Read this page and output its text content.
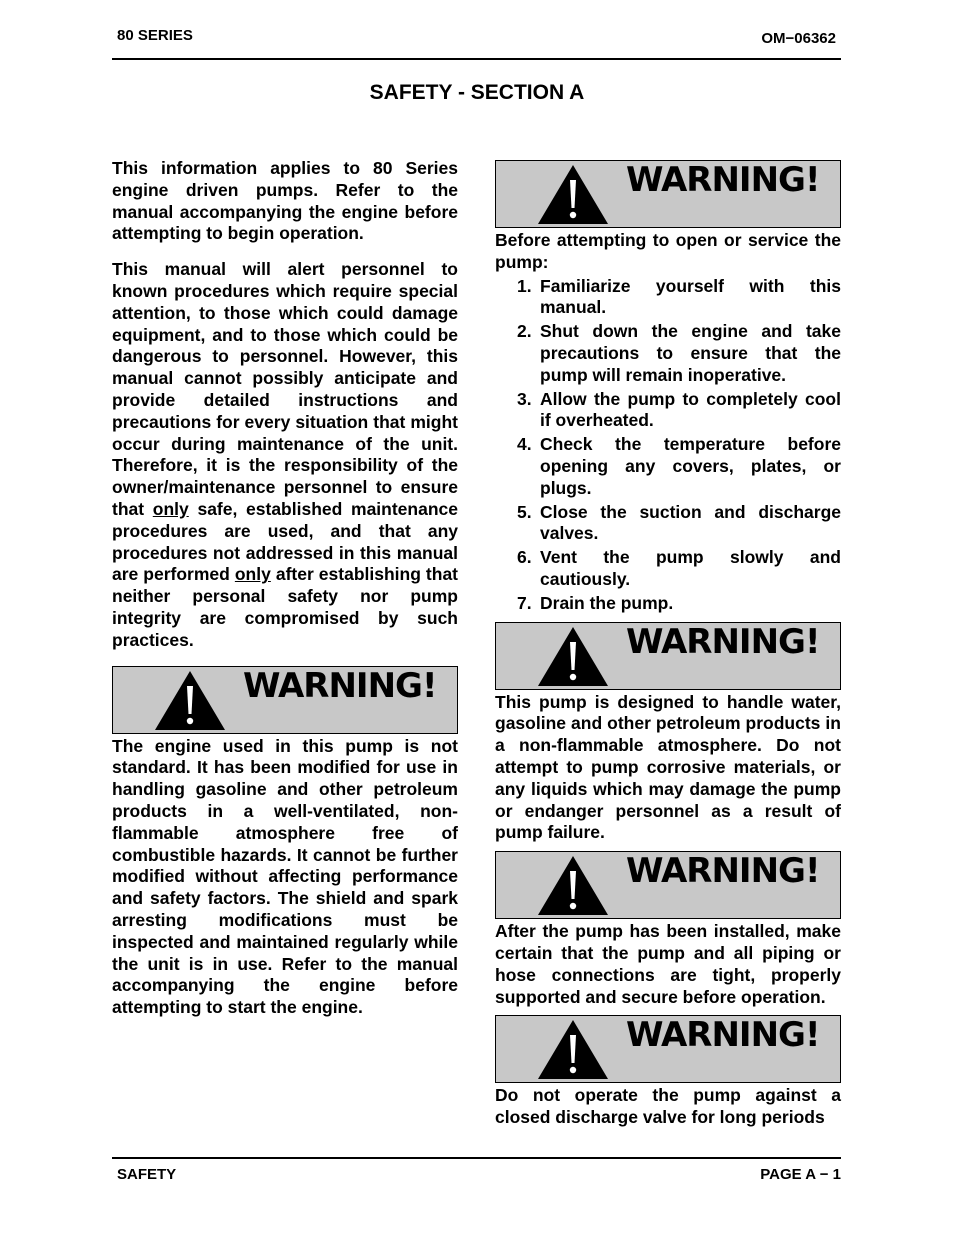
80 SERIES	OM−06362
SAFETY - SECTION A

This information applies to 80 Series engine driven pumps. Refer to the manual accompanying the engine before attempting to begin operation.

This manual will alert personnel to known procedures which require special attention, to those which could damage equipment, and to those which could be dangerous to personnel. However, this manual cannot possibly anticipate and provide detailed instructions and precautions for every situation that might occur during maintenance of the unit. Therefore, it is the responsibility of the owner/maintenance personnel to ensure that only safe, established maintenance procedures are used, and that any procedures not addressed in this manual are performed only after establishing that neither personal safety nor pump integrity are compromised by such practices.

WARNING!

The engine used in this pump is not standard. It has been modified for use in handling gasoline and other petroleum products in a well-ventilated, non-flammable atmosphere free of combustible hazards. It cannot be further modified without affecting performance and safety factors. The shield and spark arresting modifications must be inspected and maintained regularly while the unit is in use. Refer to the manual accompanying the engine before attempting to start the engine.

WARNING!

Before attempting to open or service the pump:

1. Familiarize yourself with this manual.
2. Shut down the engine and take precautions to ensure that the pump will remain inoperative.
3. Allow the pump to completely cool if overheated.
4. Check the temperature before opening any covers, plates, or plugs.
5. Close the suction and discharge valves.
6. Vent the pump slowly and cautiously.
7. Drain the pump.
WARNING!

This pump is designed to handle water, gasoline and other petroleum products in a non-flammable atmosphere. Do not attempt to pump corrosive materials, or any liquids which may damage the pump or endanger personnel as a result of pump failure.

WARNING!

After the pump has been installed, make certain that the pump and all piping or hose connections are tight, properly supported and secure before operation.

WARNING!

Do not operate the pump against a closed discharge valve for long periods

SAFETY	PAGE A − 1
